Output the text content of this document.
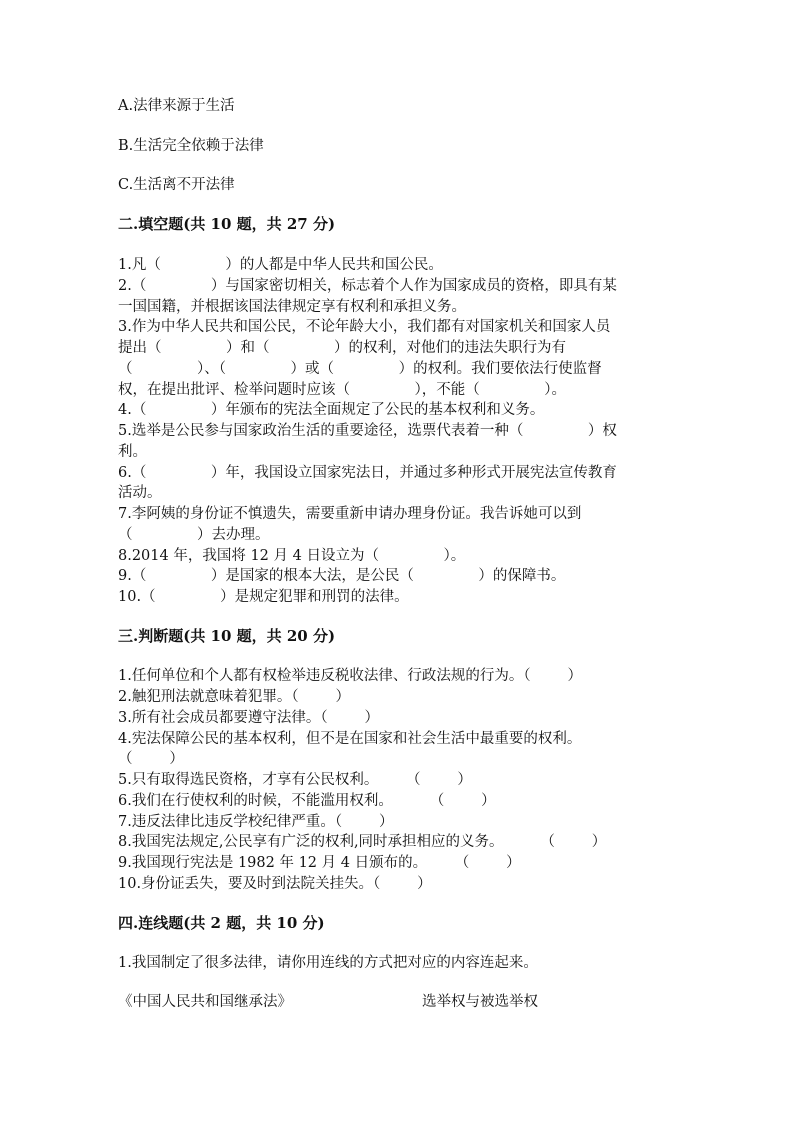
A.法律来源于生活
B.生活完全依赖于法律
C.生活离不开法律
二.填空题(共 10 题，共 27 分)
1.凡（              ）的人都是中华人民共和国公民。
2.（              ）与国家密切相关，标志着个人作为国家成员的资格，即具有某
一国国籍，并根据该国法律规定享有权利和承担义务。
3.作为中华人民共和国公民，不论年龄大小，我们都有对国家机关和国家人员
提出（              ）和（              ）的权利，对他们的违法失职行为有
（              ）、（              ）或（              ）的权利。我们要依法行使监督
权，在提出批评、检举问题时应该（              ），不能（              ）。
4.（              ）年颁布的宪法全面规定了公民的基本权利和义务。
5.选举是公民参与国家政治生活的重要途径，选票代表着一种（              ）权
利。
6.（              ）年，我国设立国家宪法日，并通过多种形式开展宪法宣传教育
活动。
7.李阿姨的身份证不慎遗失，需要重新申请办理身份证。我告诉她可以到
（              ）去办理。
8.2014 年，我国将 12 月 4 日设立为（              ）。
9.（              ）是国家的根本大法，是公民（              ）的保障书。
10.（              ）是规定犯罪和刑罚的法律。
三.判断题(共 10 题，共 20 分)
1.任何单位和个人都有权检举违反税收法律、行政法规的行为。（        ）
2.触犯刑法就意味着犯罪。（        ）
3.所有社会成员都要遵守法律。（        ）
4.宪法保障公民的基本权利，但不是在国家和社会生活中最重要的权利。
（        ）
5.只有取得选民资格，才享有公民权利。      （        ）
6.我们在行使权利的时候，不能滥用权利。        （        ）
7.违反法律比违反学校纪律严重。（        ）
8.我国宪法规定,公民享有广泛的权利,同时承担相应的义务。        （        ）
9.我国现行宪法是 1982 年 12 月 4 日颁布的。      （        ）
10.身份证丢失，要及时到法院关挂失。（        ）
四.连线题(共 2 题，共 10 分)
1.我国制定了很多法律，请你用连线的方式把对应的内容连起来。
《中国人民共和国继承法》	选举权与被选举权
